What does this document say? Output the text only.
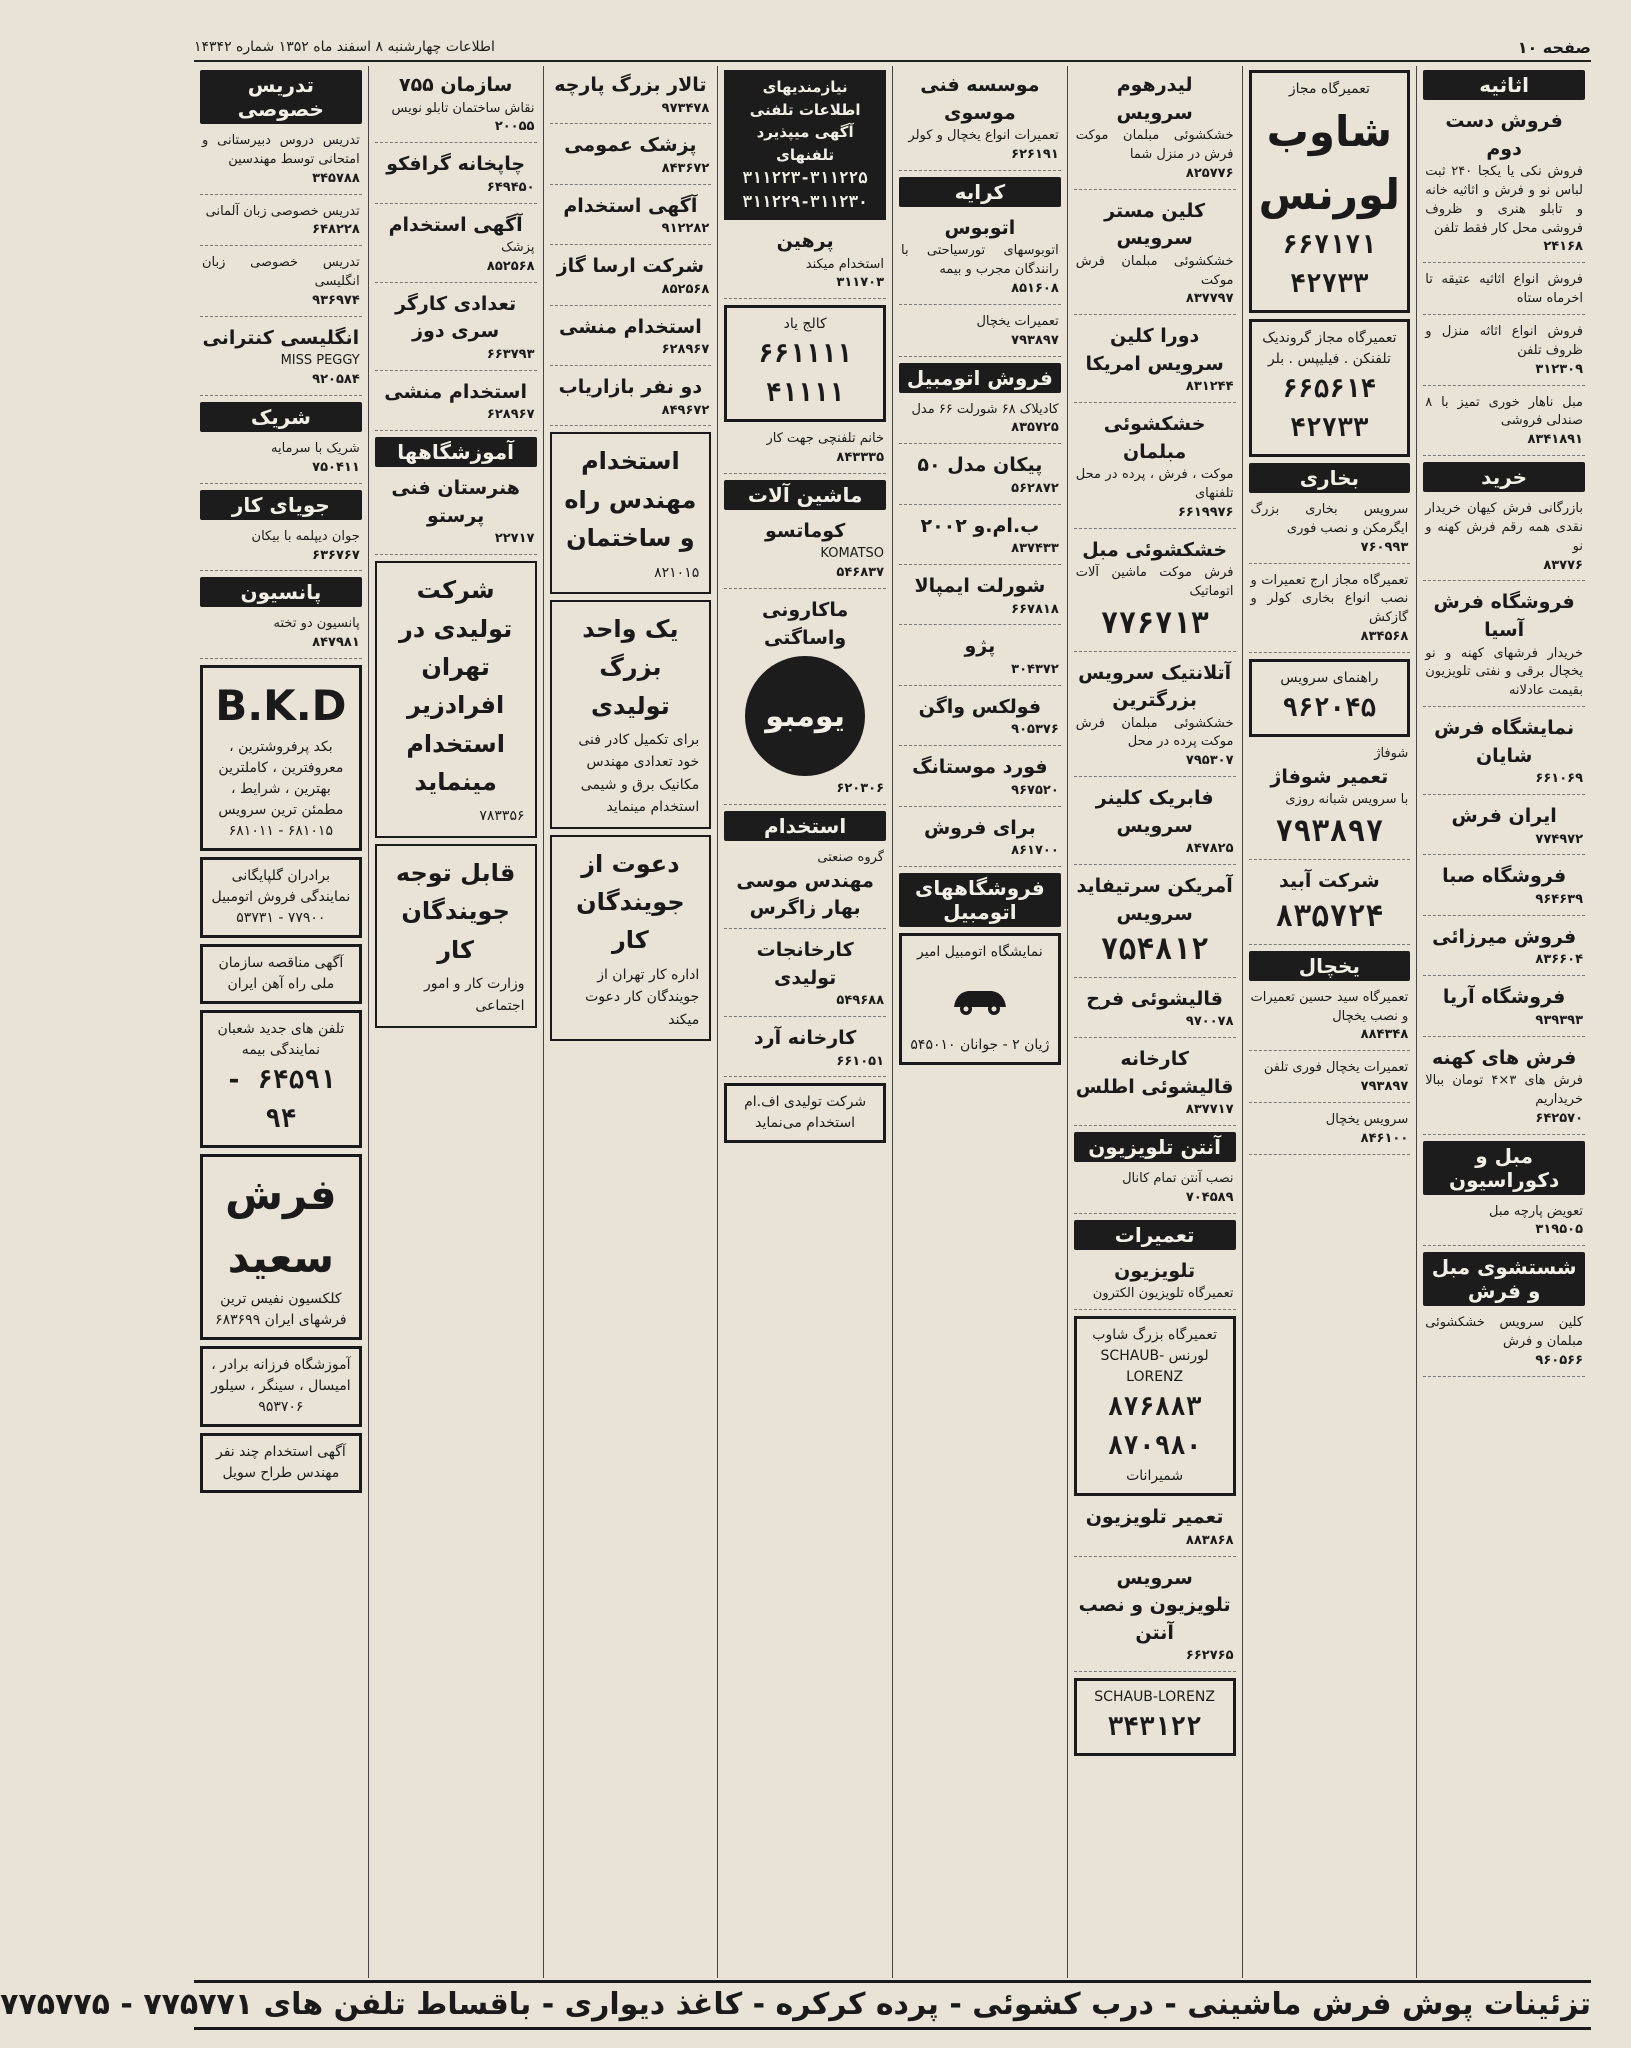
صفحه ۱۰
اطلاعات چهارشنبه ۸ اسفند ماه ۱۳۵۲ شماره ۱۴۳۴۲
اثاثیه
فروش دست دوم
فروش نکی یا یکجا ۲۴۰ ثبت لباس نو و فرش و اثاثیه خانه و تابلو هنری و ظروف فروشی محل کار فقط تلفن
۲۴۱۶۸
فروش انواع اثاثیه عتیقه تا اخرماه ستاه
فروش انواع اثاثه منزل و ظروف تلفن
۳۱۲۳۰۹
مبل ناهار خوری تمیز با ۸ صندلی فروشی
۸۳۴۱۸۹۱
خرید
بازرگانی فرش کیهان خریدار نقدی همه رقم فرش کهنه و نو
۸۳۷۷۶
فروشگاه فرش آسیا
خریدار فرشهای کهنه و نو یخچال برقی و نفتی تلویزیون بقیمت عادلانه
نمایشگاه فرش شایان
۶۶۱۰۶۹
ایران فرش
۷۷۴۹۷۲
فروشگاه صبا
۹۶۴۶۳۹
فروش میرزائی
۸۳۶۶۰۴
فروشگاه آریا
۹۳۹۳۹۳
فرش های کهنه
فرش های ۳×۴ تومان ببالا خریداریم
۶۴۲۵۷۰
مبل و دکوراسیون
تعویض پارچه مبل
۳۱۹۵۰۵
شستشوی مبل و فرش
کلین سرویس خشکشوئی مبلمان و فرش
۹۶۰۵۶۶
تعمیرگاه مجاز
شاوب لورنس
۶۶۷۱۷۱
۴۲۷۳۳
تعمیرگاه مجاز گروندیک تلفنکن . فیلیپس . بلر
۶۶۵۶۱۴
۴۲۷۳۳
بخاری
سرویس بخاری بزرگ ایگرمکن و نصب فوری
۷۶۰۹۹۳
تعمیرگاه مجاز ارج تعمیرات و نصب انواع بخاری کولر و گازکش
۸۳۴۵۶۸
راهنمای سرویس
۹۶۲۰۴۵
شوفاژ
تعمیر شوفاژ
با سرویس شبانه روزی
۷۹۳۸۹۷
شرکت آبید
۸۳۵۷۲۴
یخچال
تعمیرگاه سید حسین تعمیرات و نصب یخچال
۸۸۴۳۴۸
تعمیرات یخچال فوری تلفن
۷۹۳۸۹۷
سرویس یخچال
۸۴۶۱۰۰
لیدرهوم سرویس
خشکشوئی مبلمان موکت فرش در منزل شما
۸۲۵۷۷۶
کلین مستر سرویس
خشکشوئی مبلمان فرش موکت
۸۳۷۷۹۷
دورا کلین سرویس امریکا
۸۳۱۲۴۴
خشکشوئی مبلمان
موکت ، فرش ، پرده در محل تلفنهای
۶۶۱۹۹۷۶
خشکشوئی مبل
فرش موکت ماشین آلات اتوماتیک
۷۷۶۷۱۳
آتلانتیک سرویس بزرگترین
خشکشوئی مبلمان فرش موکت پرده در محل
۷۹۵۳۰۷
فابریک کلینر سرویس
۸۴۷۸۲۵
آمریکن سرتیفاید سرویس
۷۵۴۸۱۲
قالیشوئی فرح
۹۷۰۰۷۸
کارخانه قالیشوئی اطلس
۸۳۷۷۱۷
آنتن تلویزیون
نصب آنتن تمام کانال
۷۰۴۵۸۹
تعمیرات
تلویزیون
تعمیرگاه تلویزیون الکترون
تعمیرگاه بزرگ شاوب لورنس SCHAUB-LORENZ
۸۷۶۸۸۳
۸۷۰۹۸۰
شمیرانات
تعمیر تلویزیون
۸۸۳۸۶۸
سرویس تلویزیون و نصب آنتن
۶۶۲۷۶۵
SCHAUB-LORENZ
۳۴۳۱۲۲
موسسه فنی موسوی
تعمیرات انواع یخچال و کولر
۶۲۶۱۹۱
کرایه
اتوبوس
اتوبوسهای تورسیاحتی با رانندگان مجرب و بیمه
۸۵۱۶۰۸
تعمیرات یخچال
۷۹۳۸۹۷
فروش اتومبیل
کادیلاک ۶۸ شورلت ۶۶ مدل
۸۳۵۷۲۵
پیکان مدل ۵۰
۵۶۲۸۷۲
ب.ام.و ۲۰۰۲
۸۳۷۴۳۳
شورلت ایمپالا
۶۶۷۸۱۸
پژو
۳۰۴۳۷۲
فولکس واگن
۹۰۵۳۷۶
فورد موستانگ
۹۶۷۵۲۰
برای فروش
۸۶۱۷۰۰
فروشگاههای اتومبیل
نمایشگاه اتومبیل امیر
ژیان ۲ - جوانان ۵۴۵۰۱۰
نیازمندیهای اطلاعات تلفنی آگهی میپذیرد تلفنهای
۳۱۱۲۲۳-۳۱۱۲۲۵ ۳۱۱۲۲۹-۳۱۱۲۳۰
پرهین
استخدام میکند
۳۱۱۷۰۳
کالج یاد
۶۶۱۱۱۱
۴۱۱۱۱
خانم تلفنچی جهت کار
۸۴۳۳۳۵
ماشین آلات
کوماتسو
KOMATSO
۵۴۶۸۳۷
ماکارونی واساگتی
یومبو
۶۲۰۳۰۶
استخدام
گروه صنعتی
مهندس موسی بهار زاگرس
کارخانجات تولیدی
۵۴۹۶۸۸
کارخانه آرد
۶۶۱۰۵۱
شرکت تولیدی اف.ام استخدام می‌نماید
تالار بزرگ پارچه
۹۷۳۴۷۸
پزشک عمومی
۸۴۳۶۷۲
آگهی استخدام
۹۱۲۲۸۲
شرکت ارسا گاز
۸۵۲۵۶۸
استخدام منشی
۶۲۸۹۶۷
دو نفر بازاریاب
۸۴۹۶۷۲
استخدام مهندس راه و ساختمان
۸۲۱۰۱۵
یک واحد بزرگ تولیدی
برای تکمیل کادر فنی خود تعدادی مهندس مکانیک برق و شیمی استخدام مینماید
دعوت از جویندگان کار
اداره کار تهران از جویندگان کار دعوت میکند
سازمان ۷۵۵
نقاش ساختمان تابلو نویس
۲۰۰۵۵
چاپخانه گرافکو
۶۴۹۴۵۰
آگهی استخدام
پزشک
۸۵۲۵۶۸
تعدادی کارگر سری دوز
۶۶۳۷۹۳
استخدام منشی
۶۲۸۹۶۷
آموزشگاهها
هنرستان فنی پرستو
۲۲۷۱۷
شرکت تولیدی در تهران افرادزیر استخدام مینماید
۷۸۳۳۵۶
قابل توجه جویندگان کار
وزارت کار و امور اجتماعی
تدریس خصوصی
تدریس دروس دبیرستانی و امتحانی توسط مهندسین
۳۴۵۷۸۸
تدریس خصوصی زبان آلمانی
۶۴۸۲۲۸
تدریس خصوصی زبان انگلیسی
۹۳۶۹۷۴
انگلیسی کنترانی
MISS PEGGY
۹۲۰۵۸۴
شریک
شریک با سرمایه
۷۵۰۴۱۱
جویای کار
جوان دیپلمه با بیکان
۶۳۶۷۶۷
پانسیون
پانسیون دو تخته
۸۴۷۹۸۱
B.K.D
بکد پرفروشترین ، معروفترین ، کاملترین بهترین ، شرایط ، مطمئن ترین سرویس ۶۸۱۰۱۵ - ۶۸۱۰۱۱
برادران گلپایگانی نمایندگی فروش اتومبیل ۷۷۹۰۰ - ۵۳۷۳۱
آگهی مناقصه سازمان ملی راه آهن ایران
تلفن های جدید شعبان نمایندگی بیمه
۶۴۵۹۱ - ۹۴
فرش سعید
کلکسیون نفیس ترین فرشهای ایران ۶۸۳۶۹۹
آموزشگاه فرزانه برادر ، امیسال ، سینگر ، سیلور ۹۵۳۷۰۶
آگهی استخدام چند نفر مهندس طراح سویل
تزئینات پوش فرش ماشینی - درب کشوئی - پرده کرکره - کاغذ دیواری - باقساط تلفن های ۷۷۵۷۷۱ - ۷۷۵۷۷۵
